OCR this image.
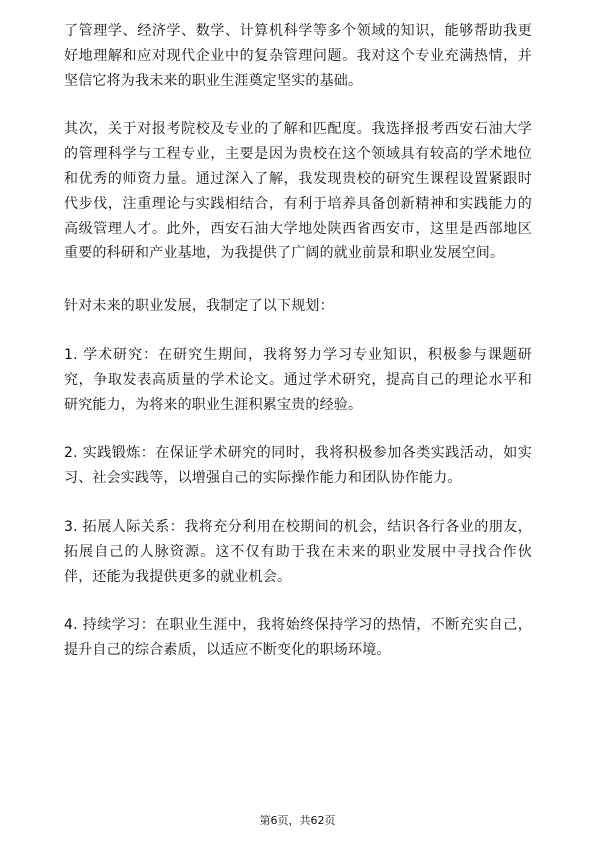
了管理学、经济学、数学、计算机科学等多个领域的知识，能够帮助我更好地理解和应对现代企业中的复杂管理问题。我对这个专业充满热情，并坚信它将为我未来的职业生涯奠定坚实的基础。

其次，关于对报考院校及专业的了解和匹配度。我选择报考西安石油大学的管理科学与工程专业，主要是因为贵校在这个领域具有较高的学术地位和优秀的师资力量。通过深入了解，我发现贵校的研究生课程设置紧跟时代步伐，注重理论与实践相结合，有利于培养具备创新精神和实践能力的高级管理人才。此外，西安石油大学地处陕西省西安市，这里是西部地区重要的科研和产业基地，为我提供了广阔的就业前景和职业发展空间。

针对未来的职业发展，我制定了以下规划：

1. 学术研究：在研究生期间，我将努力学习专业知识，积极参与课题研究，争取发表高质量的学术论文。通过学术研究，提高自己的理论水平和研究能力，为将来的职业生涯积累宝贵的经验。

2. 实践锻炼：在保证学术研究的同时，我将积极参加各类实践活动，如实习、社会实践等，以增强自己的实际操作能力和团队协作能力。

3. 拓展人际关系：我将充分利用在校期间的机会，结识各行各业的朋友，拓展自己的人脉资源。这不仅有助于我在未来的职业发展中寻找合作伙伴，还能为我提供更多的就业机会。

4. 持续学习：在职业生涯中，我将始终保持学习的热情，不断充实自己，提升自己的综合素质，以适应不断变化的职场环境。

第6页，共62页
